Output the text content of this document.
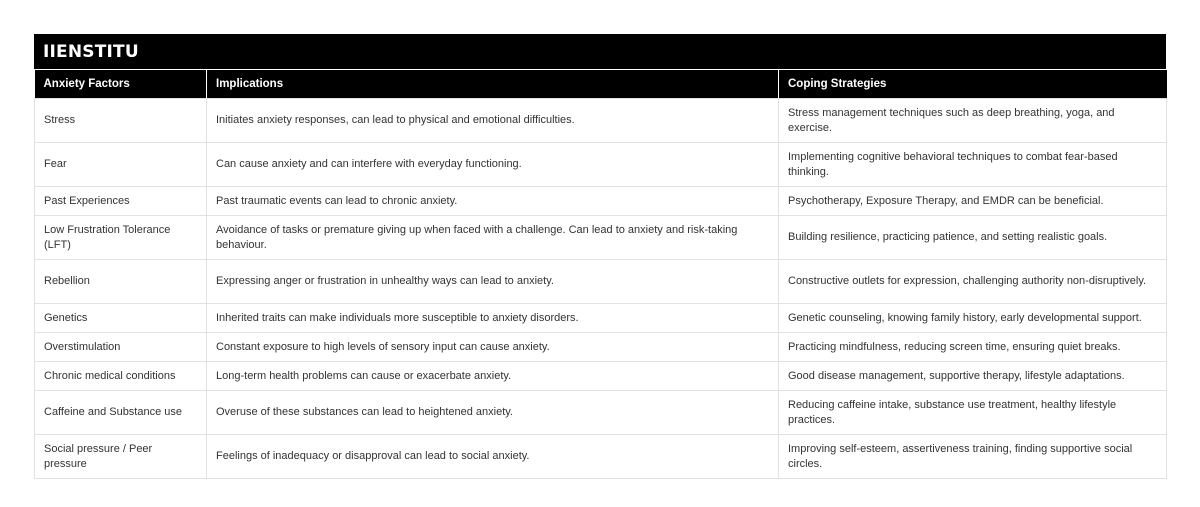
IIENSTITU
Anxiety Factors	Implications	Coping Strategies
Stress	Initiates anxiety responses, can lead to physical and emotional difficulties.	Stress management techniques such as deep breathing, yoga, and exercise.
Fear	Can cause anxiety and can interfere with everyday functioning.	Implementing cognitive behavioral techniques to combat fear-based thinking.
Past Experiences	Past traumatic events can lead to chronic anxiety.	Psychotherapy, Exposure Therapy, and EMDR can be beneficial.
Low Frustration Tolerance (LFT)	Avoidance of tasks or premature giving up when faced with a challenge. Can lead to anxiety and risk-taking behaviour.	Building resilience, practicing patience, and setting realistic goals.
Rebellion	Expressing anger or frustration in unhealthy ways can lead to anxiety.	Constructive outlets for expression, challenging authority non-disruptively.
Genetics	Inherited traits can make individuals more susceptible to anxiety disorders.	Genetic counseling, knowing family history, early developmental support.
Overstimulation	Constant exposure to high levels of sensory input can cause anxiety.	Practicing mindfulness, reducing screen time, ensuring quiet breaks.
Chronic medical conditions	Long-term health problems can cause or exacerbate anxiety.	Good disease management, supportive therapy, lifestyle adaptations.
Caffeine and Substance use	Overuse of these substances can lead to heightened anxiety.	Reducing caffeine intake, substance use treatment, healthy lifestyle practices.
Social pressure / Peer pressure	Feelings of inadequacy or disapproval can lead to social anxiety.	Improving self-esteem, assertiveness training, finding supportive social circles.
